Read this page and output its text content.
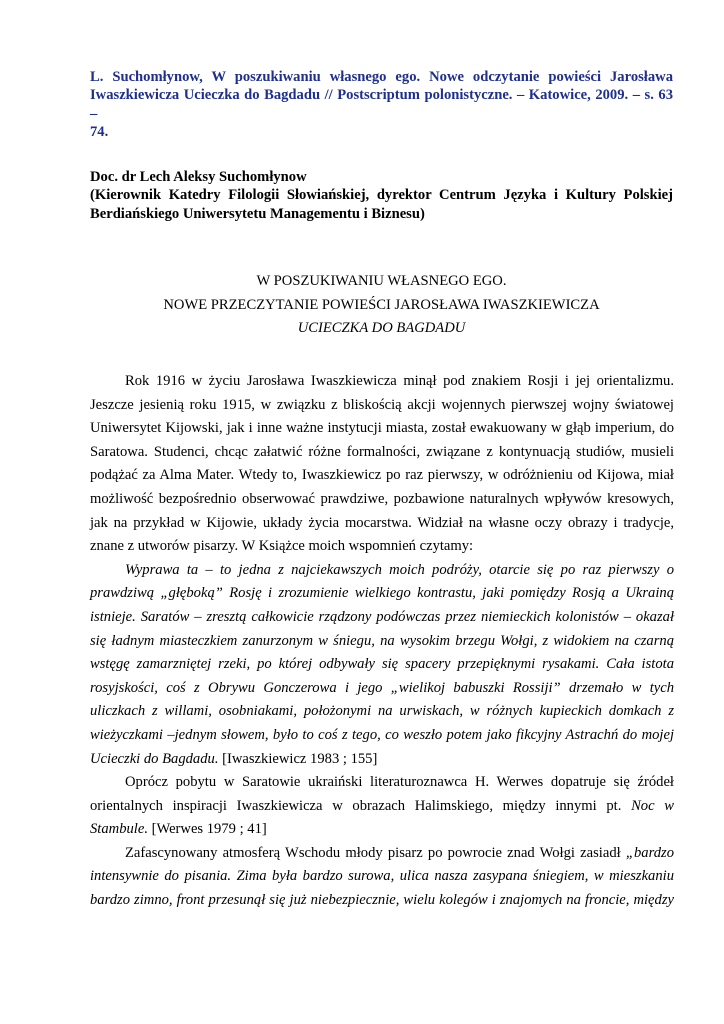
L. Suchomłynow, W poszukiwaniu własnego ego. Nowe odczytanie powieści Jarosława
Iwaszkiewicza Ucieczka do Bagdadu // Postscriptum polonistyczne. – Katowice, 2009. – s. 63 –
74.
Doc. dr Lech Aleksy Suchomłynow
(Kierownik Katedry Filologii Słowiańskiej, dyrektor Centrum Języka i Kultury Polskiej
Berdiańskiego Uniwersytetu Managementu i Biznesu)
W POSZUKIWANIU WŁASNEGO EGO.
NOWE PRZECZYTANIE POWIEŚCI JAROSŁAWA IWASZKIEWICZA
UCIECZKA DO BAGDADU

Rok 1916 w życiu Jarosława Iwaszkiewicza minął pod znakiem Rosji i jej orientalizmu.
Jeszcze jesienią roku 1915, w związku z bliskością akcji wojennych pierwszej wojny światowej
Uniwersytet Kijowski, jak i inne ważne instytucji miasta, został ewakuowany w głąb imperium, do
Saratowa. Studenci, chcąc załatwić różne formalności, związane z kontynuacją studiów, musieli
podążać za Alma Mater. Wtedy to, Iwaszkiewicz po raz pierwszy, w odróżnieniu od Kijowa, miał
możliwość bezpośrednio obserwować prawdziwe, pozbawione naturalnych wpływów kresowych,
jak na przykład w Kijowie, układy życia mocarstwa. Widział na własne oczy obrazy i tradycje,
znane z utworów pisarzy. W Książce moich wspomnień czytamy:

Wyprawa ta – to jedna z najciekawszych moich podróży, otarcie się po raz pierwszy o
prawdziwą „głęboką” Rosję i zrozumienie wielkiego kontrastu, jaki pomiędzy Rosją a Ukrainą
istnieje. Saratów – zresztą całkowicie rządzony podówczas przez niemieckich kolonistów – okazał
się ładnym miasteczkiem zanurzonym w śniegu, na wysokim brzegu Wołgi, z widokiem na czarną
wstęgę zamarzniętej rzeki, po której odbywały się spacery przepięknymi rysakami. Cała istota
rosyjskości, coś z Obrywu Gonczerowa i jego „wielikoj babuszki Rossiji” drzemało w tych
uliczkach z willami, osobniakami, położonymi na urwiskach, w różnych kupieckich domkach z
wieżyczkami –jednym słowem, było to coś z tego, co weszło potem jako fikcyjny Astrachń do mojej
Ucieczki do Bagdadu. [Iwaszkiewicz 1983 ; 155]

Oprócz pobytu w Saratowie ukraiński literaturoznawca H. Werwes dopatruje się źródeł
orientalnych inspiracji Iwaszkiewicza w obrazach Halimskiego, między innymi pt. Noc w
Stambule. [Werwes 1979 ; 41]

Zafascynowany atmosferą Wschodu młody pisarz po powrocie znad Wołgi zasiadł „bardzo
intensywnie do pisania. Zima była bardzo surowa, ulica nasza zasypana śniegiem, w mieszkaniu
bardzo zimno, front przesunął się już niebezpiecznie, wielu kolegów i znajomych na froncie, między
